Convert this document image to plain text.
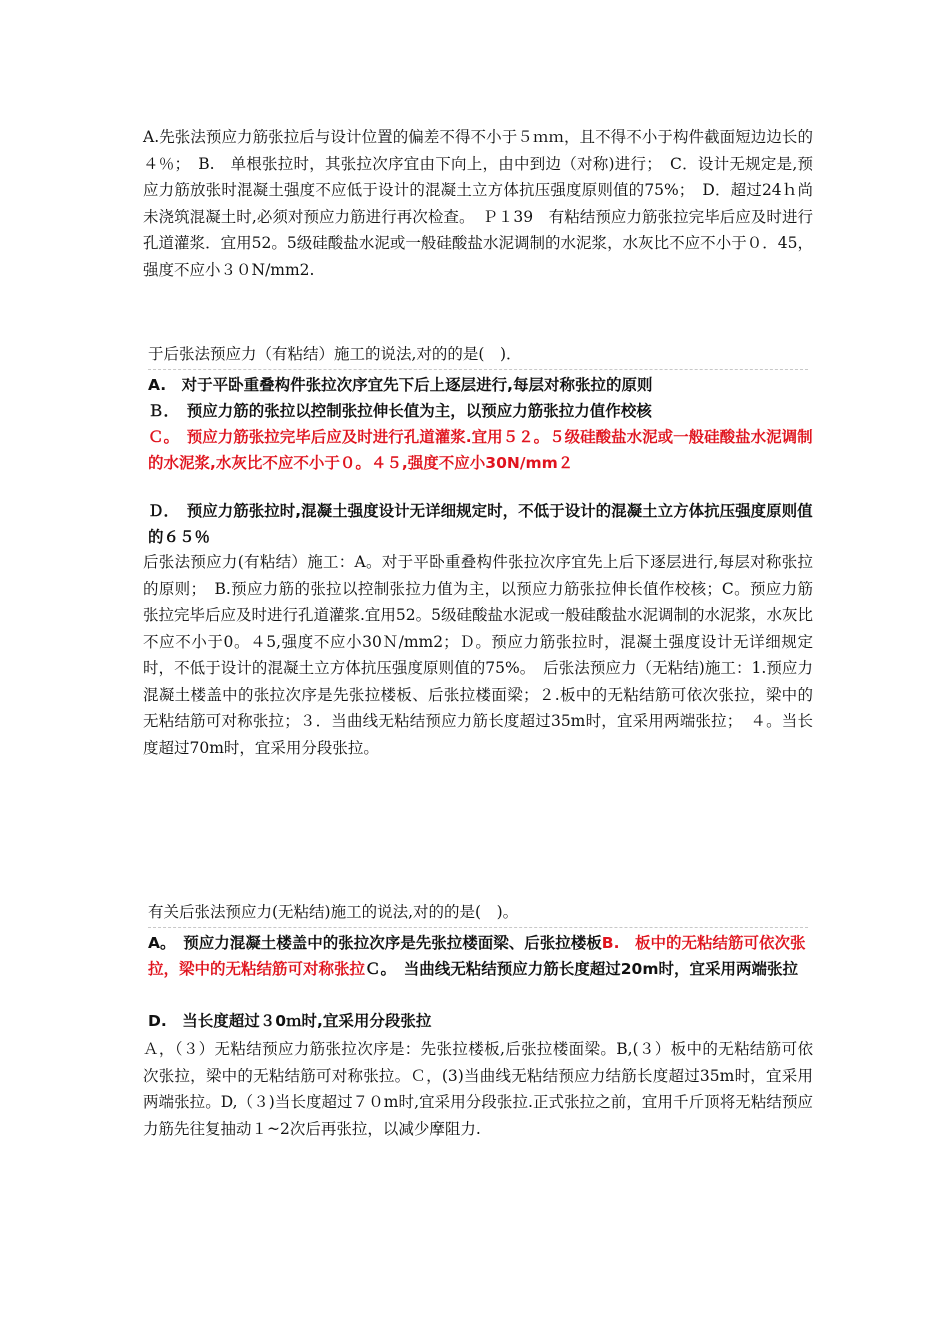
A.先张法预应力筋张拉后与设计位置的偏差不得不小于５ｍｍ，且不得不小于构件截面短边边长的４％；　B.　单根张拉时，其张拉次序宜由下向上，由中到边（对称)进行；　C．设计无规定是,预应力筋放张时混凝土强度不应低于设计的混凝土立方体抗压强度原则值的75%；　D．超过24ｈ尚未浇筑混凝土时,必须对预应力筋进行再次检查。　Ｐ１39　有粘结预应力筋张拉完毕后应及时进行孔道灌浆．宜用52。5级硅酸盐水泥或一般硅酸盐水泥调制的水泥浆，水灰比不应不小于０．45，强度不应小３０N/mm2.

于后张法预应力（有粘结）施工的说法,对的的是(　)．

A.　对于平卧重叠构件张拉次序宜先下后上逐层进行,每层对称张拉的原则

Ｂ．　预应力筋的张拉以控制张拉伸长值为主，以预应力筋张拉力值作校核

Ｃ。　预应力筋张拉完毕后应及时进行孔道灌浆.宜用５２。５级硅酸盐水泥或一般硅酸盐水泥调制的水泥浆,水灰比不应不小于０。４５,强度不应小30N/mm２

Ｄ．　预应力筋张拉时,混凝土强度设计无详细规定时，不低于设计的混凝土立方体抗压强度原则值的６５％

后张法预应力(有粘结）施工：A。对于平卧重叠构件张拉次序宜先上后下逐层进行,每层对称张拉的原则；　B.预应力筋的张拉以控制张拉力值为主，以预应力筋张拉伸长值作校核；C。预应力筋张拉完毕后应及时进行孔道灌浆.宜用52。5级硅酸盐水泥或一般硅酸盐水泥调制的水泥浆，水灰比不应不小于0。４5,强度不应小30Ｎ/mm2；Ｄ。预应力筋张拉时，混凝土强度设计无详细规定时，不低于设计的混凝土立方体抗压强度原则值的75%。　后张法预应力（无粘结)施工：1.预应力混凝土楼盖中的张拉次序是先张拉楼板、后张拉楼面梁；２.板中的无粘结筋可依次张拉，梁中的无粘结筋可对称张拉；３．当曲线无粘结预应力筋长度超过35m时，宜采用两端张拉；　４。当长度超过70m时，宜采用分段张拉。

有关后张法预应力(无粘结)施工的说法,对的的是(　)。

A。　预应力混凝土楼盖中的张拉次序是先张拉楼面梁、后张拉楼板B.　板中的无粘结筋可依次张拉，梁中的无粘结筋可对称张拉Ｃ。　当曲线无粘结预应力筋长度超过20m时，宜采用两端张拉

D.　当长度超过３0ｍ时,宜采用分段张拉

Ａ，（３）无粘结预应力筋张拉次序是：先张拉楼板,后张拉楼面梁。B,(３）板中的无粘结筋可依次张拉，梁中的无粘结筋可对称张拉。Ｃ，(3)当曲线无粘结预应力结筋长度超过35m时，宜采用两端张拉。D,（３)当长度超过７０m时,宜采用分段张拉.正式张拉之前，宜用千斤顶将无粘结预应力筋先往复抽动１~2次后再张拉，以减少摩阻力.
